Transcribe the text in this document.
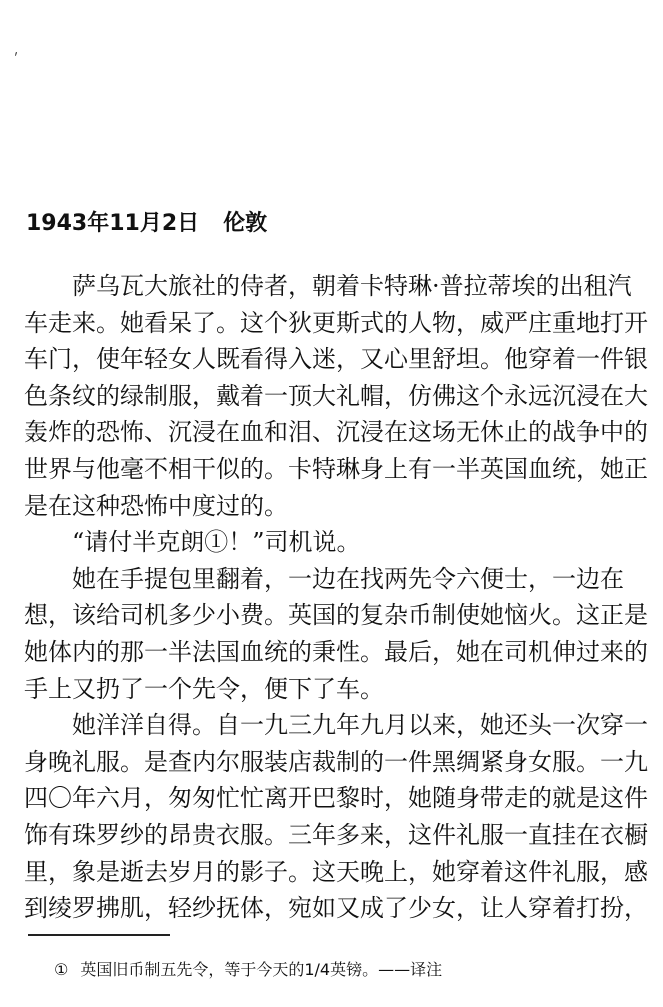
ˊ
1943年11月2日 伦敦
　　萨乌瓦大旅社的侍者，朝着卡特琳·普拉蒂埃的出租汽
车走来。她看呆了。这个狄更斯式的人物，威严庄重地打开
车门，使年轻女人既看得入迷，又心里舒坦。他穿着一件银
色条纹的绿制服，戴着一顶大礼帽，仿佛这个永远沉浸在大
轰炸的恐怖、沉浸在血和泪、沉浸在这场无休止的战争中的
世界与他毫不相干似的。卡特琳身上有一半英国血统，她正
是在这种恐怖中度过的。
　　“请付半克朗①！”司机说。
　　她在手提包里翻着，一边在找两先令六便士，一边在
想，该给司机多少小费。英国的复杂币制使她恼火。这正是
她体内的那一半法国血统的秉性。最后，她在司机伸过来的
手上又扔了一个先令，便下了车。
　　她洋洋自得。自一九三九年九月以来，她还头一次穿一
身晚礼服。是查内尔服装店裁制的一件黑绸紧身女服。一九
四〇年六月，匆匆忙忙离开巴黎时，她随身带走的就是这件
饰有珠罗纱的昂贵衣服。三年多来，这件礼服一直挂在衣橱
里，象是逝去岁月的影子。这天晚上，她穿着这件礼服，感
到绫罗拂肌，轻纱抚体，宛如又成了少女，让人穿着打扮，
① 英国旧币制五先令，等于今天的1/4英镑。——译注
